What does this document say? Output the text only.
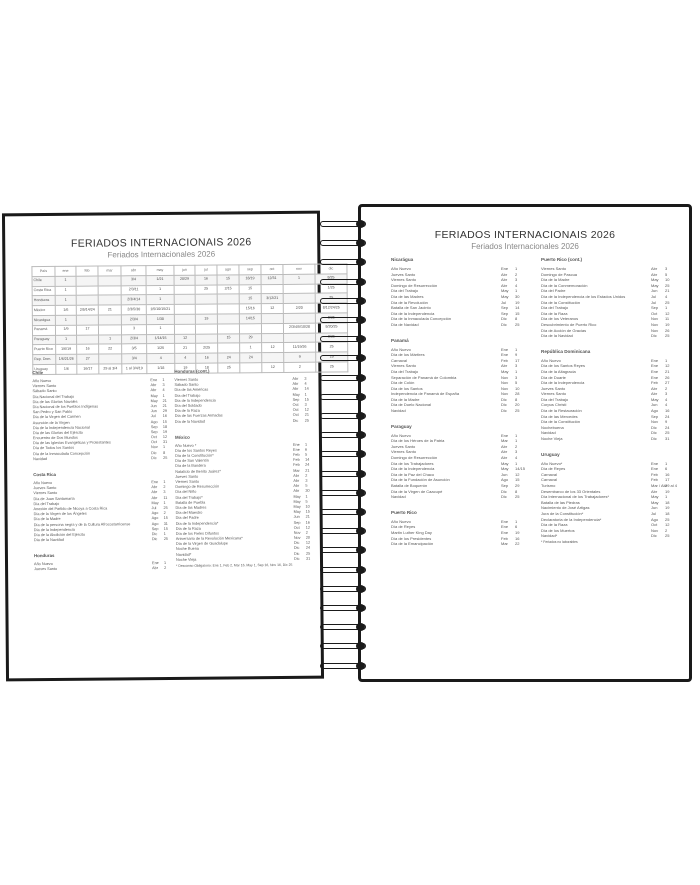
FERIADOS INTERNACIONAIS 2026
Feriados Internacionales 2026
País	ene	feb	mar	abr	may	jun	jul	ago	sep	oct	nov	dic
Chile	1			3/4	1/21	20/29	16	15	18/19	12/31	1	8/25
Costa Rica	1			2/3/11	1		25	2/15	15			1/25
Honduras	1			2/3/4/14	1				15	3/12/21		25
México	1/6	2/5/14/24	21	2/3/5/30	1/5/10/15/21				15/16	12	2/20	8/12/24/25
Nicarágua	1			2/3/4	1/30		19		14/15			8/25
Panamá	1/9	17		3	1						2/3/4/5/10/28	8/20/25
Paraguay	1		1	2/3/4	1/14/15	12		15	29			8/25
Puerto Rico	1/6/19	16	22	3/5	1/25	21	2/25		1	12	11/19/26	25
Rep. Dom.	1/6/21/26	27		3/4	4	4	16	24	24		9	25
Uruguay	1/6	16/17	29 al 3/4	1 al 3/4/19	1/18	19	18	25		12	2	25
Chile
Año Nuevo	Ene	1
Viernes Santo	Abr	3
Sábado Santo	Abr	4
Día Nacional del Trabajo	May	1
Día de las Glorias Navales	May	21
Día Nacional de los Pueblos Indígenas	Jun	21
San Pedro y San Pablo	Jun	29
Día de la Virgen del Carmen	Jul	16
Asunción de la Virgen	Ago	15
Día de la Independencia Nacional	Sep	18
Día de las Glorias del Ejército	Sep	19
Encuentro de Dos Mundos	Oct	12
Día de las Iglesias Evangélicas y Protestantes	Oct	31
Día de Todos los Santos	Nov	1
Día de la Inmaculada Concepción	Dic	8
Navidad	Dic	25
Costa Rica
Año Nuevo	Ene	1
Jueves Santo	Abr	2
Viernes Santo	Abr	3
Día de Juan Santamaría	Abr	11
Día del Trabajo	May	1
Anexión del Partido de Nicoya a Costa Rica	Jul	25
Día de la Virgen de los Ángeles	Ago	2
Día de la Madre	Ago	15
Día de la persona negra y de la Cultura Afrocostarricense	Ago	31
Día de la Independencia	Sep	15
Día de la Abolición del Ejército	Dic	1
Día de la Navidad	Dic	25
Honduras
Año Nuevo	Ene	1
Jueves Santo	Abr	2
Honduras (cont.)
Viernes Santo	Abr	3
Sábado Santo	Abr	4
Día de las Américas	Abr	14
Día del Trabajo	May	1
Día de la Independencia	Sep	15
Día del Soldado	Oct	3
Día de la Raza	Oct	12
Día de las Fuerzas Armadas	Oct	21
Día de la Navidad	Dic	25
México
Año Nuevo *	Ene	1
Día de los Santos Reyes	Ene	6
Día de la Constitución*	Feb	5
Día de San Valentín	Feb	14
Día de la Bandera	Feb	24
Natalicio de Benito Juárez*	Mar	21
Jueves Santo	Abr	2
Viernes Santo	Abr	3
Domingo de Resurrección	Abr	5
Día del Niño	Abr	30
Día del Trabajo*	May	1
Batalla de Puebla	May	5
Día de las Madres	May	10
Día del Maestro	May	15
Día del Padre	Jun	21
Día de la Independencia*	Sep	16
Día de la Raza	Oct	12
Día de los Fieles Difuntos	Nov	2
Aniversario de la Revolución Mexicana*	Nov	20
Día de la Virgen de Guadalupe	Dic	12
Noche Buena	Dic	24
Navidad*	Dic	25
Noche Vieja	Dic	31
* Descanso Obligatorio: Ene 1, Feb 2, Mar 16, May 1, Sep 16, Nov 16, Dic 25
FERIADOS INTERNACIONAIS 2026
Feriados Internacionales 2026
Nicarágua
Año Nuevo	Ene	1
Jueves Santo	Abr	2
Viernes Santo	Abr	3
Domingo de Resurrección	Abr	4
Día del Trabajo	May	1
Día de las Madres	May	30
Día de la Revolución	Jul	19
Batalla de San Jacinto	Sep	14
Día de la Independencia	Sep	15
Día de la Inmaculada Concepción	Dic	8
Día de Navidad	Dic	25
Panamá
Año Nuevo	Ene	1
Día de los Mártires	Ene	9
Carnaval	Feb	17
Viernes Santo	Abr	3
Día del Trabajo	May	1
Separación de Panamá de Colombia	Nov	3
Día de Colón	Nov	5
Día de los Santos	Nov	10
Independencia de Panamá de España	Nov	28
Día de la Madre	Dic	8
Día de Duelo Nacional	Dic	20
Navidad	Dic	25
Paraguay
Año Nuevo	Ene	1
Día de los Héroes de la Patria	Mar	1
Jueves Santo	Abr	2
Viernes Santo	Abr	3
Domingo de Resurrección	Abr	4
Día de los Trabajadores	May	1
Día de la Independencia	May	14/15
Día de la Paz del Chaco	Jun	12
Día de la Fundación de Asunción	Ago	15
Batalla de Boquerón	Sep	29
Día de la Virgen de Caacupé	Dic	8
Navidad	Dic	25
Puerto Rico
Año Nuevo	Ene	1
Día de Reyes	Ene	6
Martin Luther King Day	Ene	19
Día de los Presidentes	Feb	16
Día de la Emancipación	Mar	22
Puerto Rico (cont.)
Viernes Santo	Abr	3
Domingo de Pascua	Abr	5
Día de la Madre	May	10
Día de la Conmemoración	May	25
Día del Padre	Jun	21
Día de la Independencia de los Estados Unidos	Jul	4
Día de la Constitución	Jul	25
Día del Trabajo	Sep	1
Día de la Raza	Oct	12
Día de los Veteranos	Nov	11
Descubrimiento de Puerto Rico	Nov	19
Día de Acción de Gracias	Nov	26
Día de la Navidad	Dic	25
República Dominicana
Año Nuevo	Ene	1
Día de los Santos Reyes	Ene	12
Día de la Altagracia	Ene	21
Día de Duarte	Ene	26
Día de la Independencia	Feb	27
Jueves Santo	Abr	2
Viernes Santo	Abr	3
Día del Trabajo	May	4
Corpus Christi	Jun	4
Día de la Restauración	Ago	16
Día de las Mercedes	Sep	24
Día de la Constitución	Nov	9
Nochebuena	Dic	24
Navidad	Dic	25
Noche Vieja	Dic	31
Uruguay
Año Nuevo*	Ene	1
Día de Reyes	Ene	6
Carnaval	Feb	16
Carnaval	Feb	17
Turismo	Mar / Abr
29 al 4
Desembarco de los 33 Orientales	Abr	19
Día Internacional de los Trabajadores*	May	1
Batalla de las Piedras	May	18
Nacimiento de José Artigas	Jun	19
Jura de la Constitución*	Jul	18
Declaratoria de la Independencia*	Ago	25
Día de la Raza	Oct	12
Día de los Muertos	Nov	2
Navidad*	Dic	25
* Feriados no laborables
